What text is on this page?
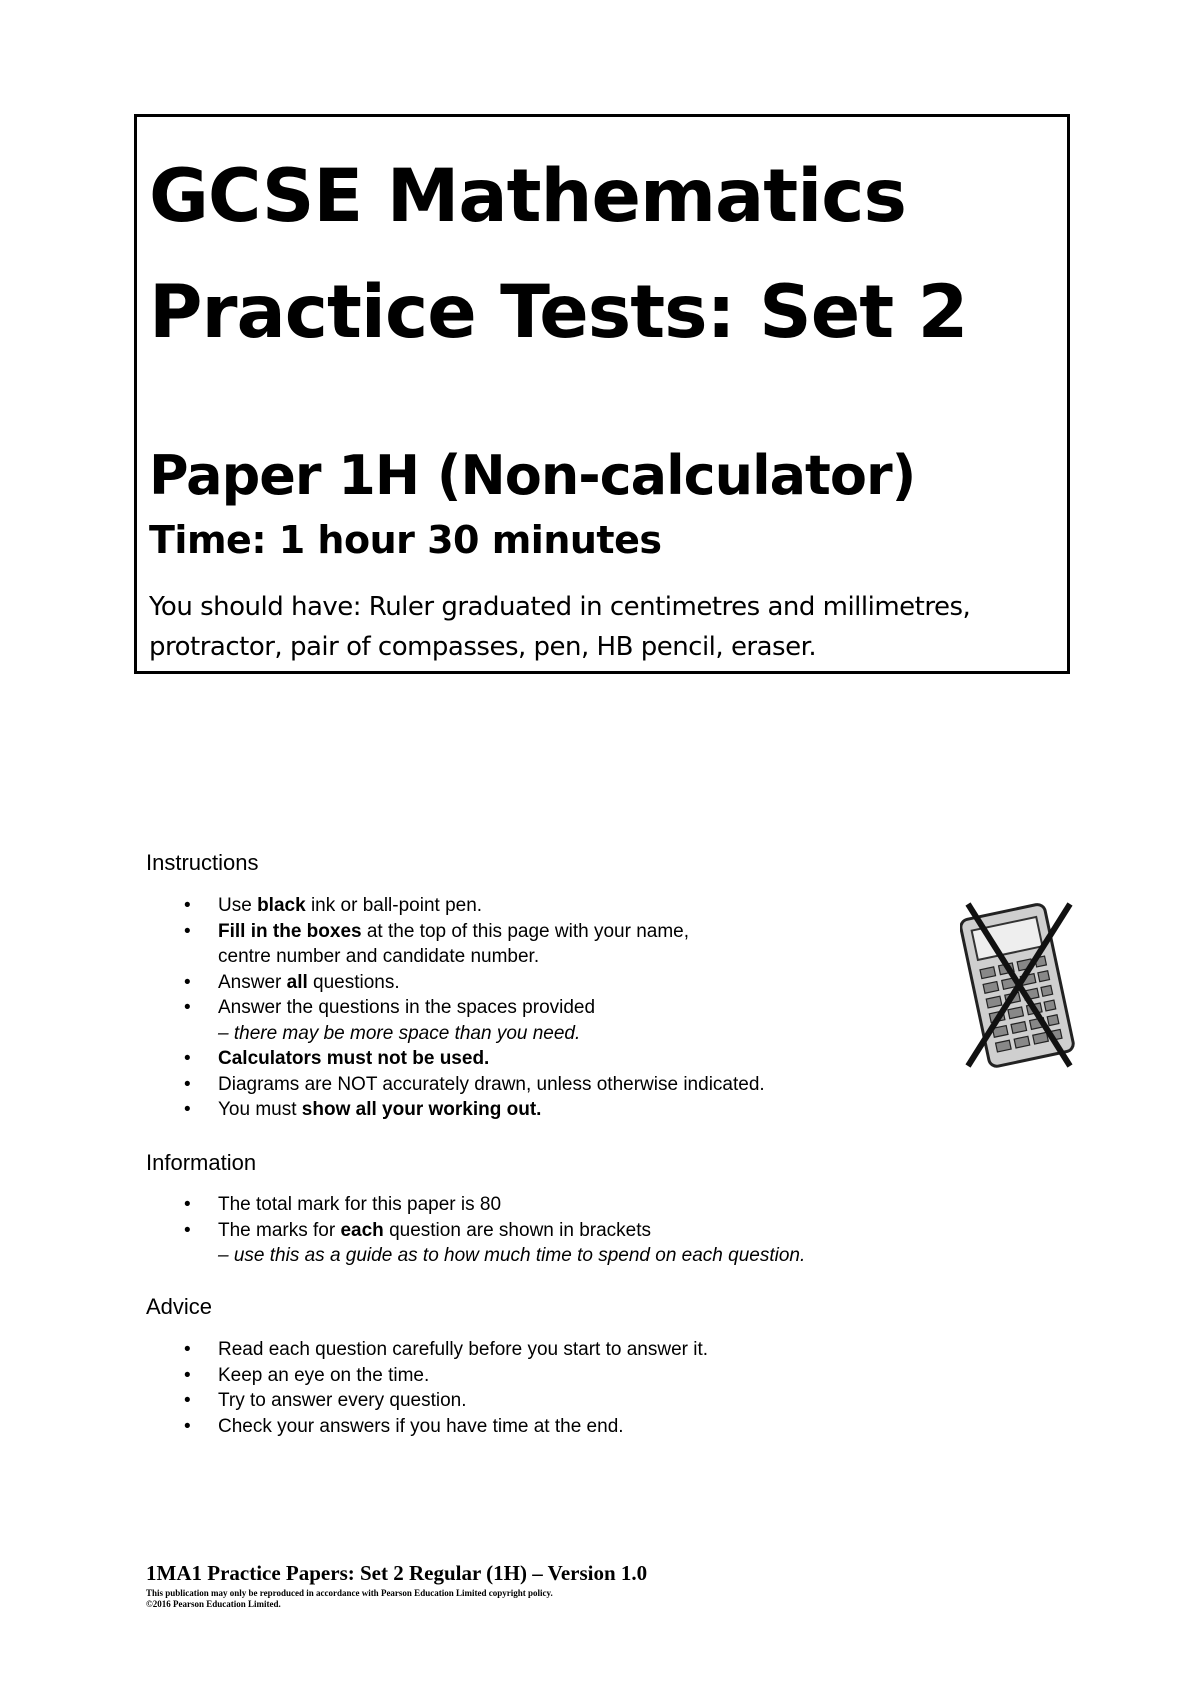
GCSE Mathematics
Practice Tests: Set 2
Paper 1H (Non-calculator)
Time: 1 hour 30 minutes
You should have: Ruler graduated in centimetres and millimetres,
protractor, pair of compasses, pen, HB pencil, eraser.
Instructions
• Use black ink or ball-point pen.
• Fill in the boxes at the top of this page with your name,
centre number and candidate number.
• Answer all questions.
• Answer the questions in the spaces provided
– there may be more space than you need.
• Calculators must not be used.
• Diagrams are NOT accurately drawn, unless otherwise indicated.
• You must show all your working out.
Information
• The total mark for this paper is 80
• The marks for each question are shown in brackets
– use this as a guide as to how much time to spend on each question.
Advice
• Read each question carefully before you start to answer it.
• Keep an eye on the time.
• Try to answer every question.
• Check your answers if you have time at the end.
1MA1 Practice Papers: Set 2 Regular (1H) – Version 1.0
This publication may only be reproduced in accordance with Pearson Education Limited copyright policy.
©2016 Pearson Education Limited.
